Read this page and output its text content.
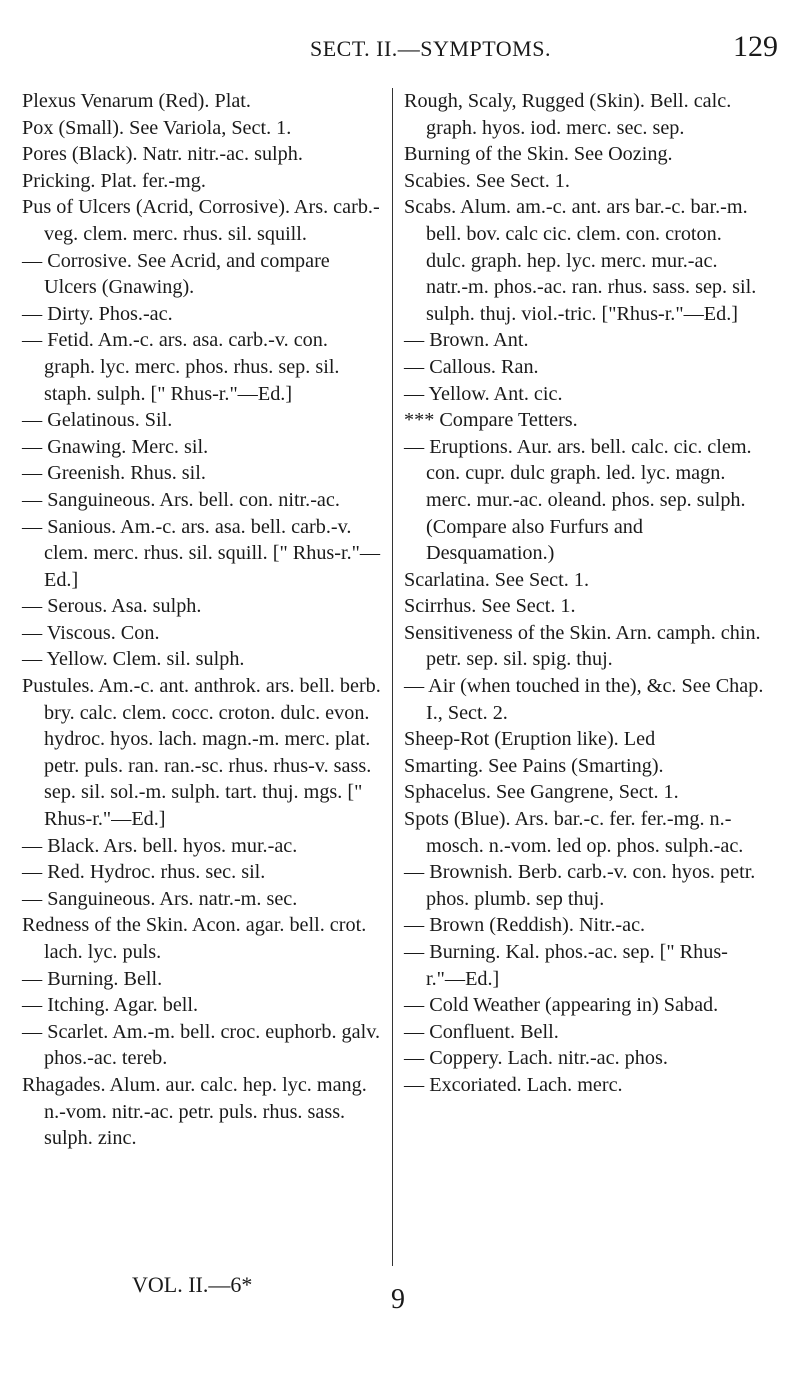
SECT. II.—SYMPTOMS.	129

Plexus Venarum (Red). Plat.

Pox (Small). See Variola, Sect. 1.

Pores (Black). Natr. nitr.-ac. sulph.

Pricking. Plat. fer.-mg.

Pus of Ulcers (Acrid, Corrosive). Ars. carb.-veg. clem. merc. rhus. sil. squill.

— Corrosive. See Acrid, and compare Ulcers (Gnawing).

— Dirty. Phos.-ac.

— Fetid. Am.-c. ars. asa. carb.-v. con. graph. lyc. merc. phos. rhus. sep. sil. staph. sulph. [" Rhus-r."—Ed.]

— Gelatinous. Sil.

— Gnawing. Merc. sil.

— Greenish. Rhus. sil.

— Sanguineous. Ars. bell. con. nitr.-ac.

— Sanious. Am.-c. ars. asa. bell. carb.-v. clem. merc. rhus. sil. squill. [" Rhus-r."—Ed.]

— Serous. Asa. sulph.

— Viscous. Con.

— Yellow. Clem. sil. sulph.

Pustules. Am.-c. ant. anthrok. ars. bell. berb. bry. calc. clem. cocc. croton. dulc. evon. hydroc. hyos. lach. magn.-m. merc. plat. petr. puls. ran. ran.-sc. rhus. rhus-v. sass. sep. sil. sol.-m. sulph. tart. thuj. mgs. [" Rhus-r."—Ed.]

— Black. Ars. bell. hyos. mur.-ac.

— Red. Hydroc. rhus. sec. sil.

— Sanguineous. Ars. natr.-m. sec.

Redness of the Skin. Acon. agar. bell. crot. lach. lyc. puls.

— Burning. Bell.

— Itching. Agar. bell.

— Scarlet. Am.-m. bell. croc. euphorb. galv. phos.-ac. tereb.

Rhagades. Alum. aur. calc. hep. lyc. mang. n.-vom. nitr.-ac. petr. puls. rhus. sass. sulph. zinc.

Rough, Scaly, Rugged (Skin). Bell. calc. graph. hyos. iod. merc. sec. sep.

Burning of the Skin. See Oozing.

Scabies. See Sect. 1.

Scabs. Alum. am.-c. ant. ars bar.-c. bar.-m. bell. bov. calc cic. clem. con. croton. dulc. graph. hep. lyc. merc. mur.-ac. natr.-m. phos.-ac. ran. rhus. sass. sep. sil. sulph. thuj. viol.-tric. ["Rhus-r."—Ed.]

— Brown. Ant.

— Callous. Ran.

— Yellow. Ant. cic.

*** Compare Tetters.

— Eruptions. Aur. ars. bell. calc. cic. clem. con. cupr. dulc graph. led. lyc. magn. merc. mur.-ac. oleand. phos. sep. sulph. (Compare also Furfurs and Desquamation.)

Scarlatina. See Sect. 1.

Scirrhus. See Sect. 1.

Sensitiveness of the Skin. Arn. camph. chin. petr. sep. sil. spig. thuj.

— Air (when touched in the), &c. See Chap. I., Sect. 2.

Sheep-Rot (Eruption like). Led

Smarting. See Pains (Smarting).

Sphacelus. See Gangrene, Sect. 1.

Spots (Blue). Ars. bar.-c. fer. fer.-mg. n.-mosch. n.-vom. led op. phos. sulph.-ac.

— Brownish. Berb. carb.-v. con. hyos. petr. phos. plumb. sep thuj.

— Brown (Reddish). Nitr.-ac.

— Burning. Kal. phos.-ac. sep. [" Rhus-r."—Ed.]

— Cold Weather (appearing in) Sabad.

— Confluent. Bell.

— Coppery. Lach. nitr.-ac. phos.

— Excoriated. Lach. merc.

VOL. II.—6*	9
